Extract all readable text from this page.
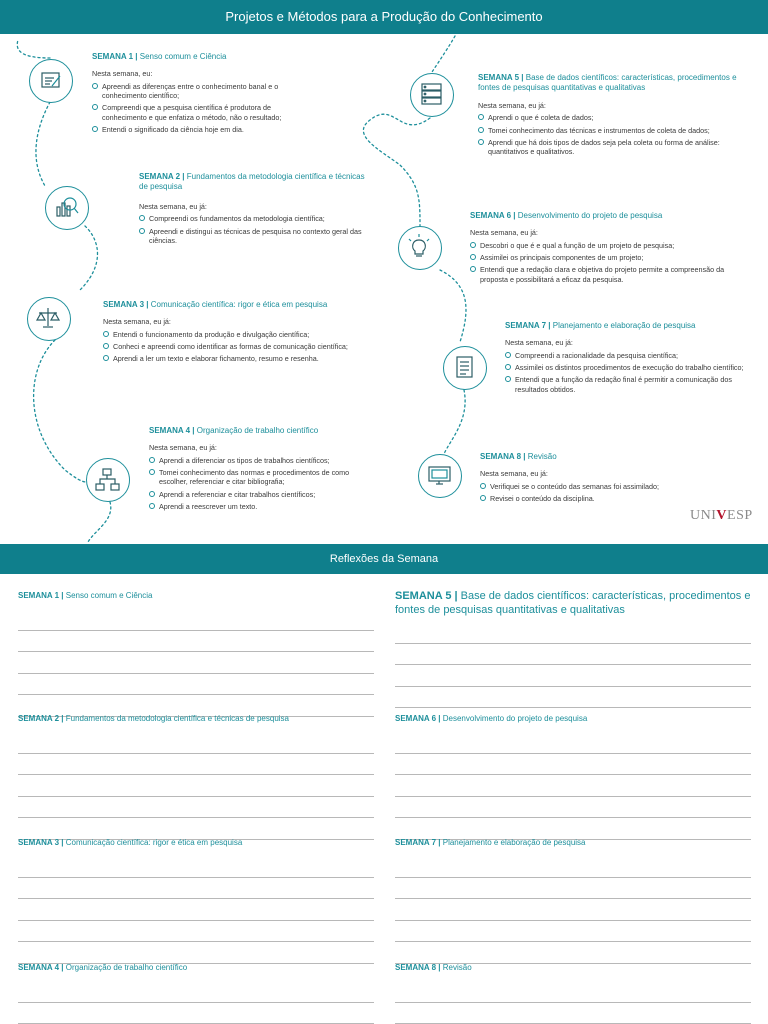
Projetos e Métodos para a Produção do Conhecimento
SEMANA 1 | Senso comum e Ciência
Nesta semana, eu:
Apreendi as diferenças entre o conhecimento banal e o conhecimento científico;
Compreendi que a pesquisa científica é produtora de conhecimento e que enfatiza o método, não o resultado;
Entendi o significado da ciência hoje em dia.
SEMANA 2 | Fundamentos da metodologia científica e técnicas de pesquisa
Nesta semana, eu já:
Compreendi os fundamentos da metodologia científica;
Apreendi e distingui as técnicas de pesquisa no contexto geral das ciências.
SEMANA 3 | Comunicação científica: rigor e ética em pesquisa
Nesta semana, eu já:
Entendi o funcionamento da produção e divulgação científica;
Conheci e apreendi como identificar as formas de comunicação científica;
Aprendi a ler um texto e elaborar fichamento, resumo e resenha.
SEMANA 4 | Organização de trabalho científico
Nesta semana, eu já:
Aprendi a diferenciar os tipos de trabalhos científicos;
Tomei conhecimento das normas e procedimentos de como escolher, referenciar e citar bibliografia;
Aprendi a referenciar e citar trabalhos científicos;
Aprendi a reescrever um texto.
SEMANA 5 | Base de dados científicos: características, procedimentos e fontes de pesquisas quantitativas e qualitativas
Nesta semana, eu já:
Aprendi o que é coleta de dados;
Tomei conhecimento das técnicas e instrumentos de coleta de dados;
Aprendi que há dois tipos de dados seja pela coleta ou forma de análise: quantitativos e qualitativos.
SEMANA 6 | Desenvolvimento do projeto de pesquisa
Nesta semana, eu já:
Descobri o que é e qual a função de um projeto de pesquisa;
Assimilei os principais componentes de um projeto;
Entendi que a redação clara e objetiva do projeto permite a compreensão da proposta e possibilitará a eficaz da pesquisa.
SEMANA 7 | Planejamento e elaboração de pesquisa
Nesta semana, eu já:
Compreendi a racionalidade da pesquisa científica;
Assimilei os distintos procedimentos de execução do trabalho científico;
Entendi que a função da redação final é permitir a comunicação dos resultados obtidos.
SEMANA 8 | Revisão
Nesta semana, eu já:
Verifiquei se o conteúdo das semanas foi assimilado;
Revisei o conteúdo da disciplina.
UNIVESP
Reflexões da Semana
SEMANA 1 | Senso comum e Ciência
SEMANA 2 | Fundamentos da metodologia científica e técnicas de pesquisa
SEMANA 3 | Comunicação científica: rigor e ética em pesquisa
SEMANA 4 | Organização de trabalho científico
SEMANA 5 | Base de dados científicos: características, procedimentos e fontes de pesquisas quantitativas e qualitativas
SEMANA 6 | Desenvolvimento do projeto de pesquisa
SEMANA 7 | Planejamento e elaboração de pesquisa
SEMANA 8 | Revisão
